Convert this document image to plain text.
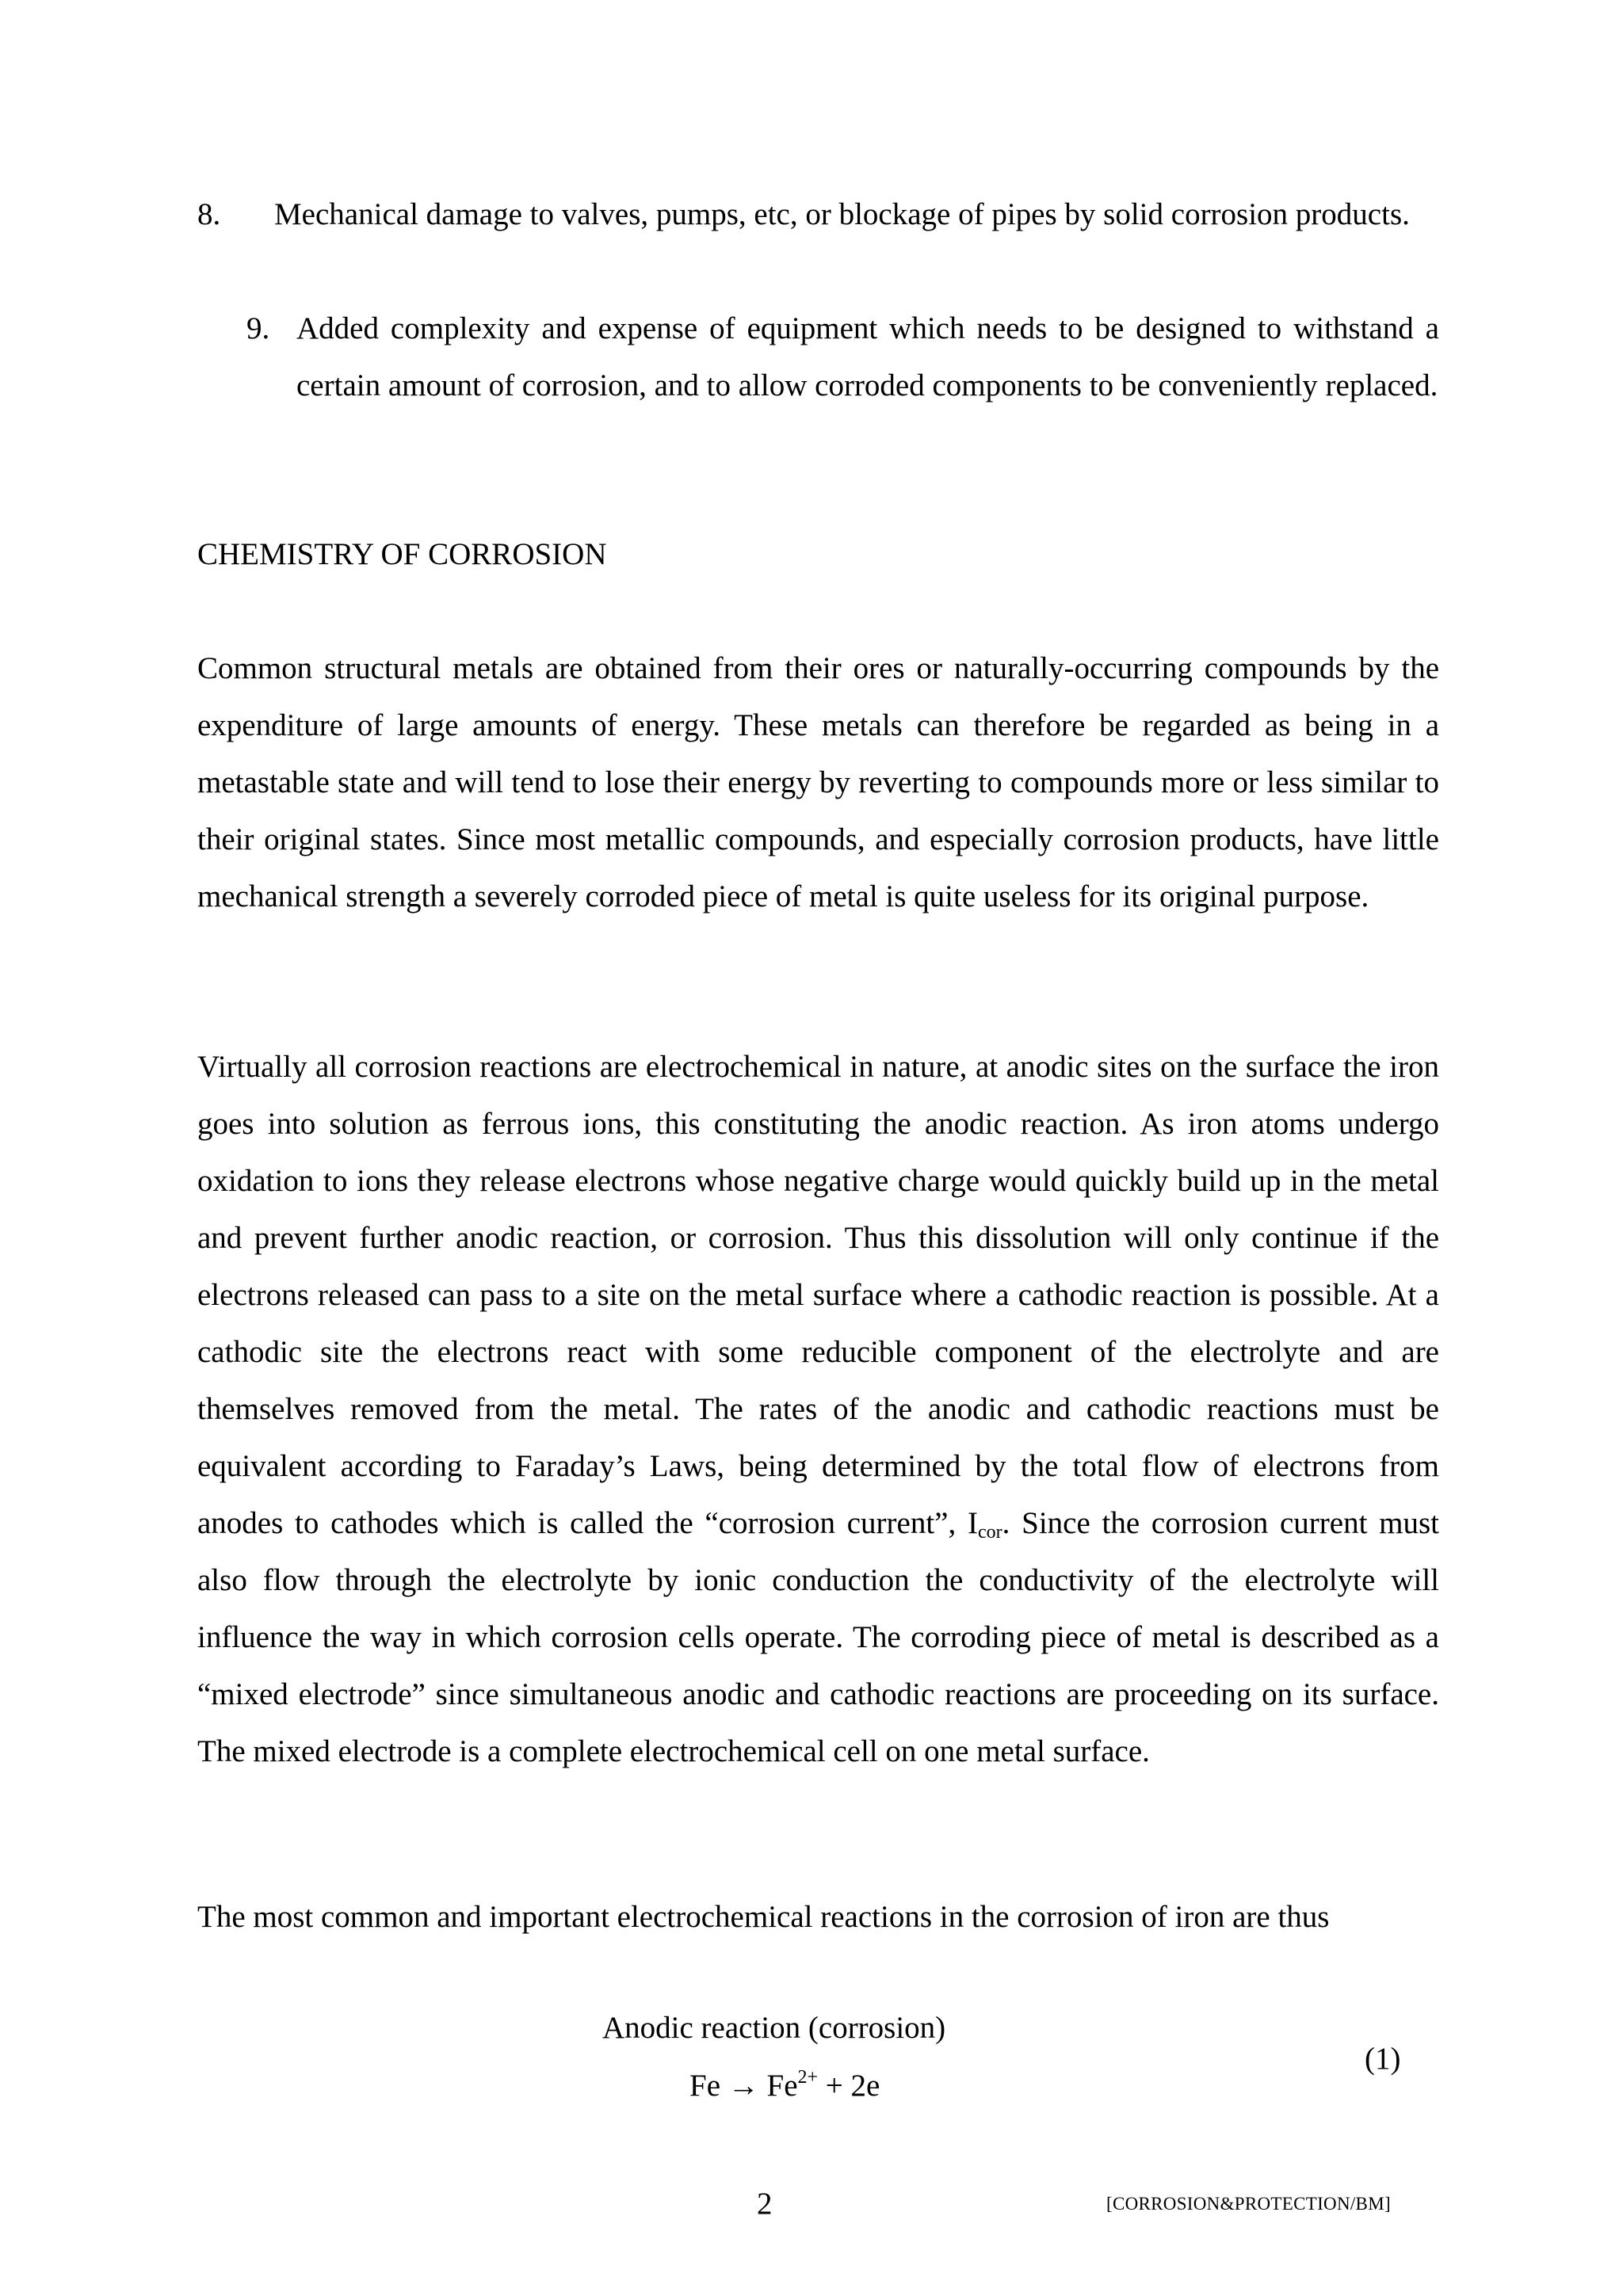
8. Mechanical damage to valves, pumps, etc, or blockage of pipes by solid corrosion products.

9. Added complexity and expense of equipment which needs to be designed to withstand a certain amount of corrosion, and to allow corroded components to be conveniently replaced.

CHEMISTRY OF CORROSION

Common structural metals are obtained from their ores or naturally-occurring compounds by the expenditure of large amounts of energy. These metals can therefore be regarded as being in a metastable state and will tend to lose their energy by reverting to compounds more or less similar to their original states. Since most metallic compounds, and especially corrosion products, have little mechanical strength a severely corroded piece of metal is quite useless for its original purpose.

Virtually all corrosion reactions are electrochemical in nature, at anodic sites on the surface the iron goes into solution as ferrous ions, this constituting the anodic reaction. As iron atoms undergo oxidation to ions they release electrons whose negative charge would quickly build up in the metal and prevent further anodic reaction, or corrosion. Thus this dissolution will only continue if the electrons released can pass to a site on the metal surface where a cathodic reaction is possible. At a cathodic site the electrons react with some reducible component of the electrolyte and are themselves removed from the metal. The rates of the anodic and cathodic reactions must be equivalent according to Faraday’s Laws, being determined by the total flow of electrons from anodes to cathodes which is called the “corrosion current”, $I_{cor}$. Since the corrosion current must also flow through the electrolyte by ionic conduction the conductivity of the electrolyte will influence the way in which corrosion cells operate. The corroding piece of metal is described as a “mixed electrode” since simultaneous anodic and cathodic reactions are proceeding on its surface. The mixed electrode is a complete electrochemical cell on one metal surface.

The most common and important electrochemical reactions in the corrosion of iron are thus

Anodic reaction (corrosion)
$Fe \to Fe^{2+} + 2e$
(1)
2	[CORROSION&PROTECTION/BM]
